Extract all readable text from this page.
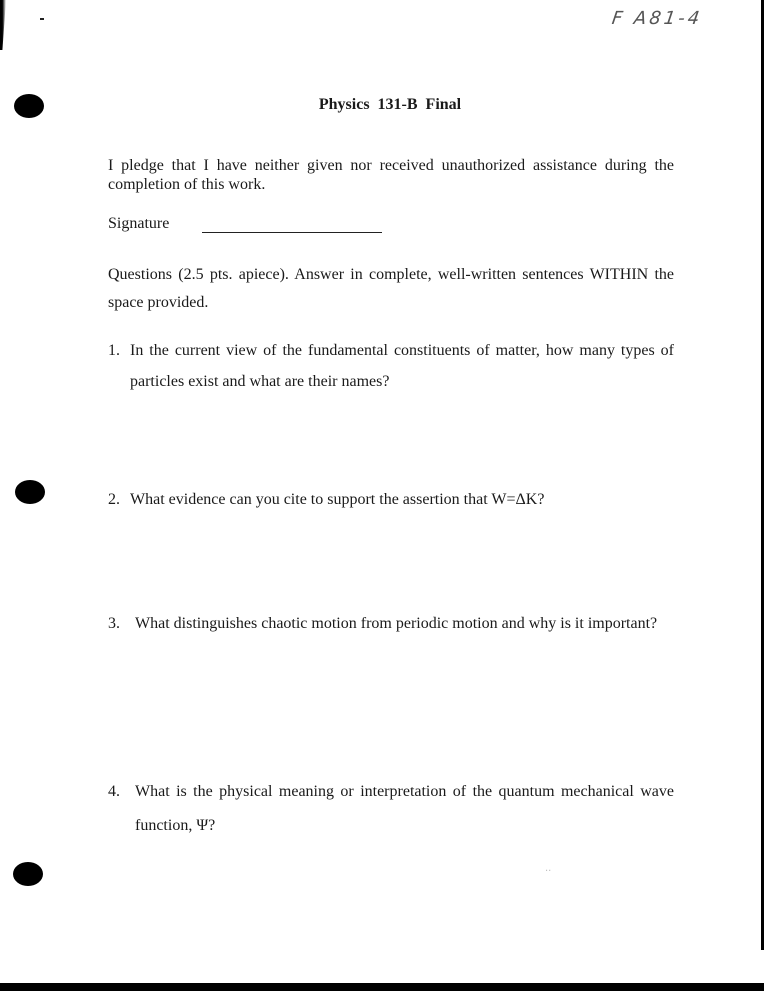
F A81-4
Physics 131-B Final
I pledge that I have neither given nor received unauthorized assistance during the completion of this work.
Signature
Questions (2.5 pts. apiece). Answer in complete, well-written sentences WITHIN the space provided.
1. In the current view of the fundamental constituents of matter, how many types of particles exist and what are their names?
2. What evidence can you cite to support the assertion that W=ΔK?
3. What distinguishes chaotic motion from periodic motion and why is it important?
4. What is the physical meaning or interpretation of the quantum mechanical wave function, Ψ?
‧‧
